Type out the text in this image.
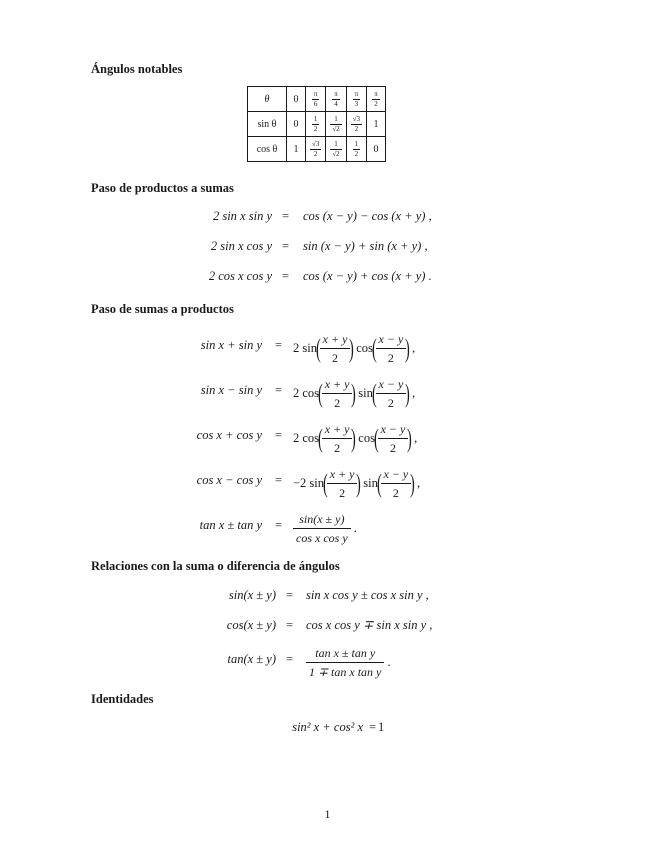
Ángulos notables
θ	0	$\frac{\pi}{6}$	$\frac{\pi}{4}$	$\frac{\pi}{3}$	$\frac{\pi}{2}$

sin θ	0	$\frac{1}{2}$	$\frac{1}{√2}$	$\frac{√3}{2}$	1
cos θ	1	$\frac{√3}{2}$	$\frac{1}{√2}$	$\frac{1}{2}$	0
Paso de productos a sumas
2 sin x sin y = cos (x − y) − cos (x + y) ,
2 sin x cos y = sin (x − y) + sin (x + y) ,
2 cos x cos y = cos (x − y) + cos (x + y) .
Paso de sumas a productos
sin x + sin y = 2 sin(
$\frac{x + y}{2}$
) cos(
$\frac{x - y}{2}$
) ,
sin x − sin y = 2 cos(
$\frac{x + y}{2}$
) sin(
$\frac{x - y}{2}$
) ,
cos x + cos y = 2 cos(
$\frac{x + y}{2}$
) cos(
$\frac{x - y}{2}$
) ,
cos x − cos y = −2 sin(
$\frac{x + y}{2}$
) sin(
$\frac{x - y}{2}$
) ,
$\tan x \pm \tan y = \frac{\sin(x \pm y)}{\text{cos x cos y}}$ .
Relaciones con la suma o diferencia de ángulos
sin(x ± y) = sin x cos y ± cos x sin y ,
cos(x ± y) = cos x cos y ∓ sin x sin y ,
$\tan(x \pm y) = \frac{\text{tan x ± tan y}}{\text{1 ∓ tan x tan y}}$ .
Identidades
sin² x + cos² x = 1
1
